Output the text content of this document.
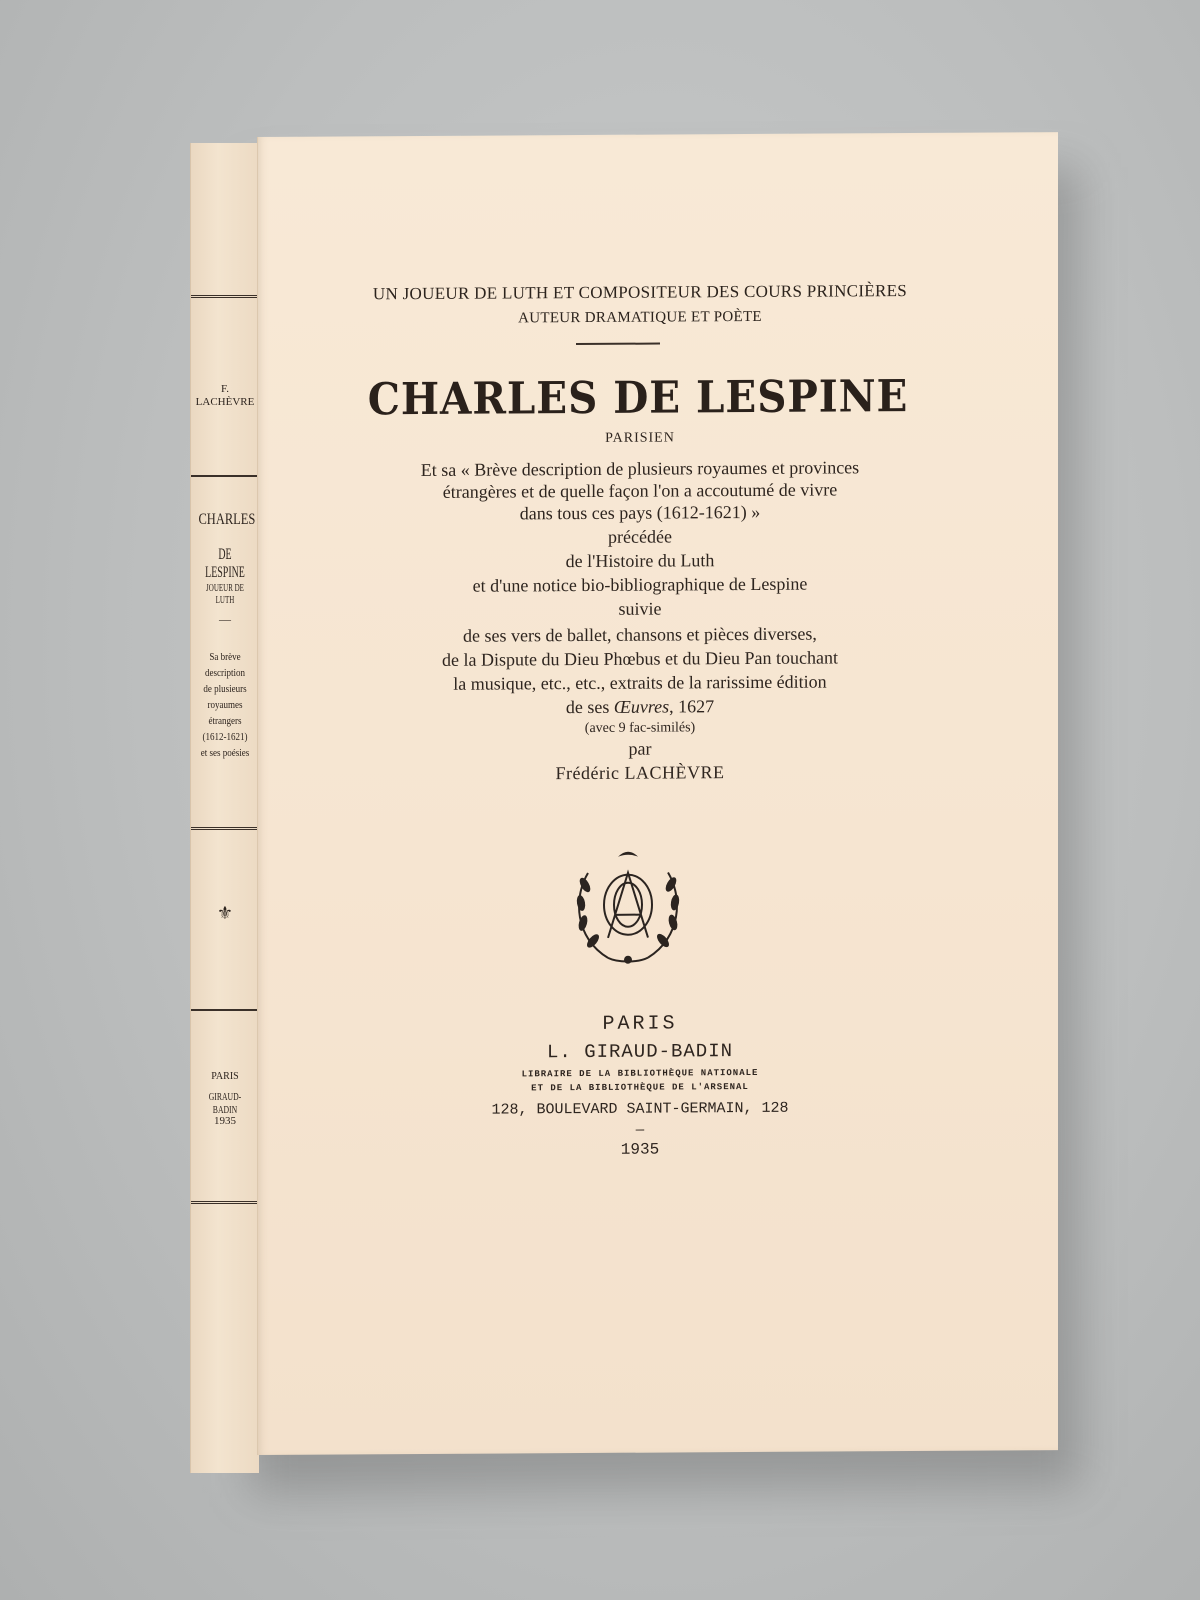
F. LACHÈVRE
CHARLES
DE LESPINE
JOUEUR DE LUTH
—
Sa brève
description
de plusieurs
royaumes
étrangers
(1612-1621)
et ses poésies
⚜
PARIS
GIRAUD-BADIN
1935
UN JOUEUR DE LUTH ET COMPOSITEUR DES COURS PRINCIÈRES
AUTEUR DRAMATIQUE ET POÈTE
CHARLES DE LESPINE
PARISIEN
Et sa « Brève description de plusieurs royaumes et provinces
étrangères et de quelle façon l'on a accoutumé de vivre
dans tous ces pays (1612-1621) »
précédée
de l'Histoire du Luth
et d'une notice bio-bibliographique de Lespine
suivie
de ses vers de ballet, chansons et pièces diverses,
de la Dispute du Dieu Phœbus et du Dieu Pan touchant
la musique, etc., etc., extraits de la rarissime édition
de ses Œuvres, 1627
(avec 9 fac-similés)
par
Frédéric LACHÈVRE
PARIS
L. GIRAUD-BADIN
LIBRAIRE DE LA BIBLIOTHÈQUE NATIONALE
ET DE LA BIBLIOTHÈQUE DE L'ARSENAL
128, BOULEVARD SAINT-GERMAIN, 128
—
1935
